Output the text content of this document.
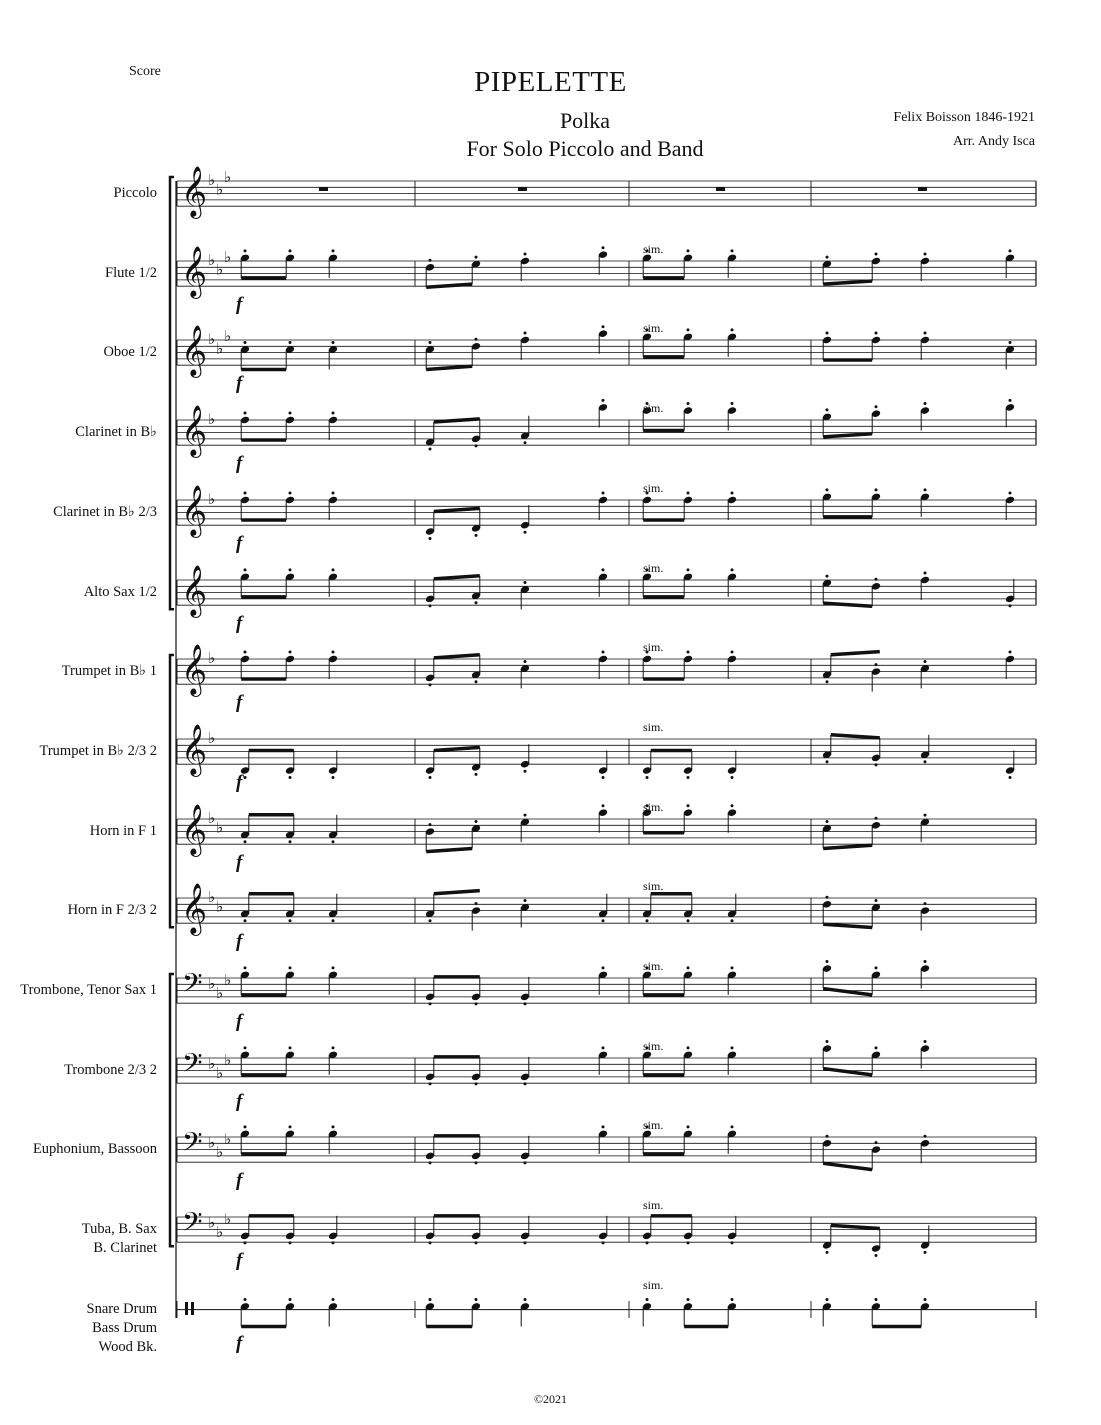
Score	PIPELETTE
Polka
For Solo Piccolo and Band
Felix Boisson 1846-1921
Arr. Andy Isca
Piccolo
Flute 1/2
Oboe 1/2
Clarinet in B♭
Clarinet in B♭ 2/3
Alto Sax 1/2
Trumpet in B♭ 1
Trumpet in B♭ 2/3 2
Horn in F 1
Horn in F 2/3 2
Trombone, Tenor Sax 1
Trombone 2/3 2
Euphonium, Bassoon
Tuba, B. Sax
B. Clarinet
Snare Drum
Bass Drum
Wood Bk.
𝄞 ♭
♭
♭
𝄞 ♭
♭
♭
f
sim.
𝄞 ♭
♭
♭
f
sim.
𝄞 ♭
f
sim.
𝄞 ♭
f
sim.
𝄞
f
sim.
𝄞 ♭
f
sim.
𝄞 ♭
f
sim.
𝄞 ♭
♭
f
sim.
𝄞 ♭
♭
f
sim.
𝄢 ♭
♭
♭
f
sim.
𝄢 ♭
♭
♭
f
sim.
𝄢 ♭
♭
♭
f
sim.
𝄢 ♭
♭
♭
f
sim.
f
sim.
©2021
